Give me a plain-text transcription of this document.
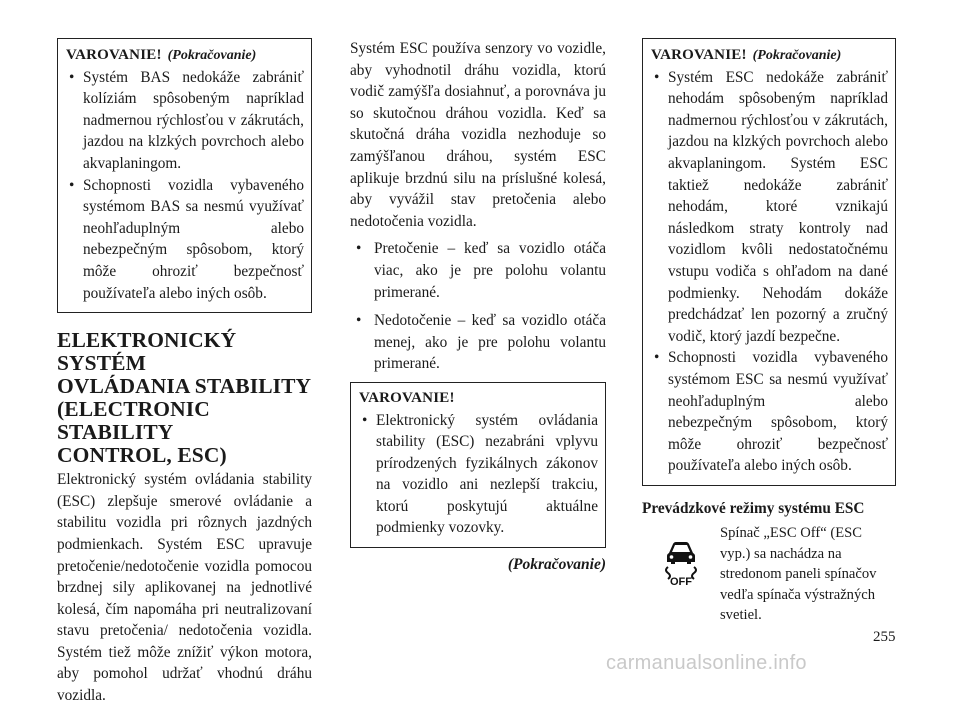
VAROVANIE! (Pokračovanie)
• Systém BAS nedokáže zabrániť kolíziám spôsobeným napríklad nadmernou rýchlosťou v zákrutách, jazdou na klzkých povrchoch alebo akvaplaningom.
• Schopnosti vozidla vybaveného systémom BAS sa nesmú využívať neohľaduplným alebo nebezpečným spôsobom, ktorý môže ohroziť bezpečnosť používateľa alebo iných osôb.
ELEKTRONICKÝ SYSTÉM
OVLÁDANIA STABILITY
(ELECTRONIC STABILITY
CONTROL, ESC)

Elektronický systém ovládania stability (ESC) zlepšuje smerové ovládanie a stabilitu vozidla pri rôznych jazdných podmienkach. Systém ESC upravuje pretočenie/nedotočenie vozidla pomocou brzdnej sily aplikovanej na jednotlivé kolesá, čím napomáha pri neutralizovaní stavu pretočenia/ nedotočenia vozidla. Systém tiež môže znížiť výkon motora, aby pomohol udržať vhodnú dráhu vozidla.

Systém ESC používa senzory vo vozidle, aby vyhodnotil dráhu vozidla, ktorú vodič zamýšľa dosiahnuť, a porovnáva ju so skutočnou dráhou vozidla. Keď sa skutočná dráha vozidla nezhoduje so zamýšľanou dráhou, systém ESC aplikuje brzdnú silu na príslušné kolesá, aby vyvážil stav pretočenia alebo nedotočenia vozidla.

• Pretočenie – keď sa vozidlo otáča viac, ako je pre polohu volantu primerané.
• Nedotočenie – keď sa vozidlo otáča menej, ako je pre polohu volantu primerané.
VAROVANIE!
• Elektronický systém ovládania stability (ESC) nezabráni vplyvu prírodzených fyzikálnych zákonov na vozidlo ani nezlepší trakciu, ktorú poskytujú aktuálne podmienky vozovky.
(Pokračovanie)
VAROVANIE! (Pokračovanie)
• Systém ESC nedokáže zabrániť nehodám spôsobeným napríklad nadmernou rýchlosťou v zákrutách, jazdou na klzkých povrchoch alebo akvaplaningom. Systém ESC taktiež nedokáže zabrániť nehodám, ktoré vznikajú následkom straty kontroly nad vozidlom kvôli nedostatočnému vstupu vodiča s ohľadom na dané podmienky. Nehodám dokáže predchádzať len pozorný a zručný vodič, ktorý jazdí bezpečne.
• Schopnosti vozidla vybaveného systémom ESC sa nesmú využívať neohľaduplným alebo nebezpečným spôsobom, ktorý môže ohroziť bezpečnosť používateľa alebo iných osôb.
Prevádzkové režimy systému ESC
OFF
Spínač „ESC Off“ (ESC vyp.) sa nachádza na stredonom paneli spínačov vedľa spínača výstražných svetiel.
255
carmanualsonline.info
